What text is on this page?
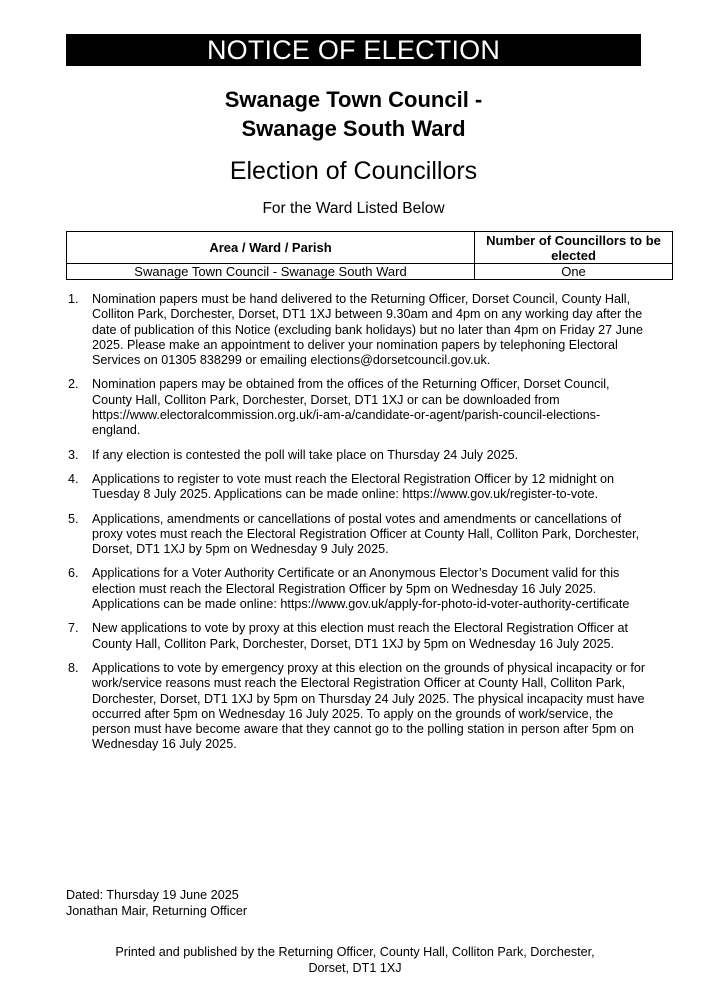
NOTICE OF ELECTION
Swanage Town Council -
Swanage South Ward
Election of Councillors
For the Ward Listed Below
Area / Ward / Parish	Number of Councillors to be elected
Swanage Town Council - Swanage South Ward	One
1. Nomination papers must be hand delivered to the Returning Officer, Dorset Council, County Hall, Colliton Park, Dorchester, Dorset, DT1 1XJ between 9.30am and 4pm on any working day after the date of publication of this Notice (excluding bank holidays) but no later than 4pm on Friday 27 June 2025. Please make an appointment to deliver your nomination papers by telephoning Electoral Services on 01305 838299 or emailing elections@dorsetcouncil.gov.uk.
2. Nomination papers may be obtained from the offices of the Returning Officer, Dorset Council, County Hall, Colliton Park, Dorchester, Dorset, DT1 1XJ or can be downloaded from https://www.electoralcommission.org.uk/i-am-a/candidate-or-agent/parish-council-elections-england.
3. If any election is contested the poll will take place on Thursday 24 July 2025.
4. Applications to register to vote must reach the Electoral Registration Officer by 12 midnight on Tuesday 8 July 2025. Applications can be made online: https://www.gov.uk/register-to-vote.
5. Applications, amendments or cancellations of postal votes and amendments or cancellations of proxy votes must reach the Electoral Registration Officer at County Hall, Colliton Park, Dorchester, Dorset, DT1 1XJ by 5pm on Wednesday 9 July 2025.
6. Applications for a Voter Authority Certificate or an Anonymous Elector’s Document valid for this election must reach the Electoral Registration Officer by 5pm on Wednesday 16 July 2025. Applications can be made online: https://www.gov.uk/apply-for-photo-id-voter-authority-certificate
7. New applications to vote by proxy at this election must reach the Electoral Registration Officer at County Hall, Colliton Park, Dorchester, Dorset, DT1 1XJ by 5pm on Wednesday 16 July 2025.
8. Applications to vote by emergency proxy at this election on the grounds of physical incapacity or for work/service reasons must reach the Electoral Registration Officer at County Hall, Colliton Park, Dorchester, Dorset, DT1 1XJ by 5pm on Thursday 24 July 2025. The physical incapacity must have occurred after 5pm on Wednesday 16 July 2025. To apply on the grounds of work/service, the person must have become aware that they cannot go to the polling station in person after 5pm on Wednesday 16 July 2025.
Dated: Thursday 19 June 2025
Jonathan Mair, Returning Officer
Printed and published by the Returning Officer, County Hall, Colliton Park, Dorchester,
Dorset, DT1 1XJ
